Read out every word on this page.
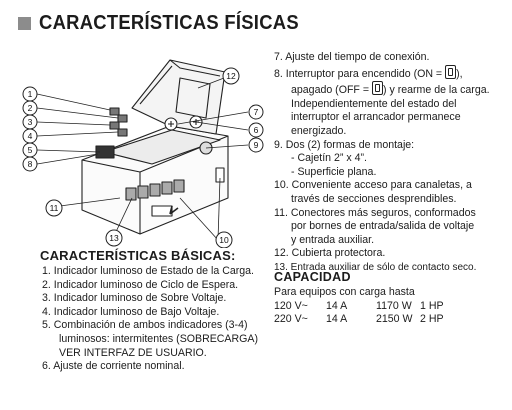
CARACTERÍSTICAS FÍSICAS
1
2
3
4
5
8
7
6
9
12
11
13	10
CARACTERÍSTICAS BÁSICAS:
1. Indicador luminoso de Estado de la Carga.
2. Indicador luminoso de Ciclo de Espera.
3. Indicador luminoso de Sobre Voltaje.
4. Indicador luminoso de Bajo Voltaje.
5. Combinación de ambos indicadores (3-4)
luminosos: intermitentes (SOBRECARGA)
VER INTERFAZ DE USUARIO.
6. Ajuste de corriente nominal.
7. Ajuste del tiempo de conexión.
8. Interruptor para encendido (ON = ),
apagado (OFF = ) y rearme de la carga.
Independientemente del estado del
interruptor el arrancador permanece
energizado.
9. Dos (2) formas de montaje:
- Cajetín 2” x 4”.
- Superficie plana.
10. Conveniente acceso para canaletas, a
través de secciones desprendibles.
11. Conectores más seguros, conformados
por bornes de entrada/salida de voltaje
y entrada auxiliar.
12. Cubierta protectora.
13. Entrada auxiliar de sólo de contacto seco.
CAPACIDAD
Para equipos con carga hasta
120 V~	14 A	1170 W 1 HP
220 V~	14 A	2150 W 2 HP
